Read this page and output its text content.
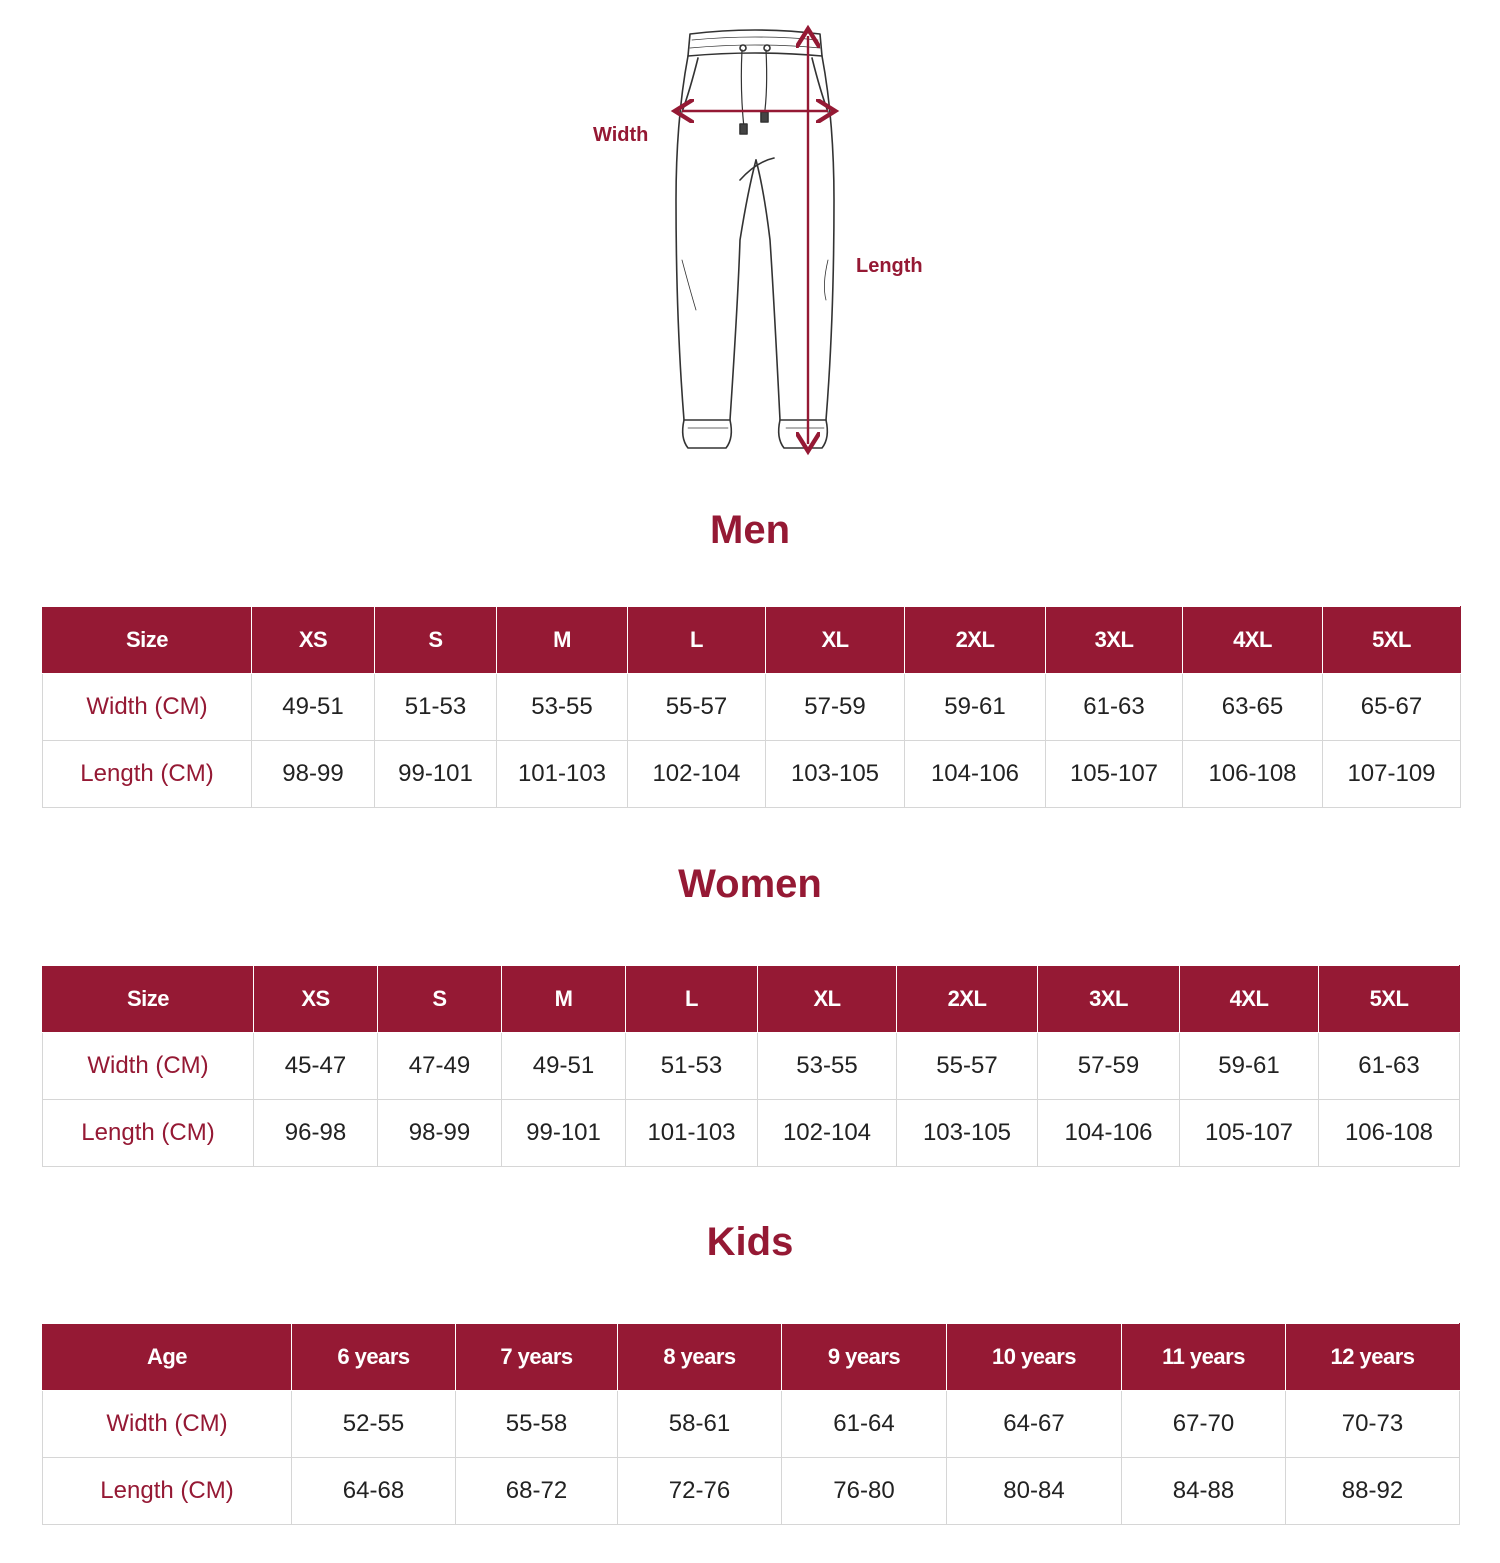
Width
Length
Men
Size	XS	S	M	L	XL	2XL	3XL	4XL	5XL
Width (CM)	49-51	51-53	53-55	55-57	57-59	59-61	61-63	63-65	65-67
Length (CM)	98-99	99-101	101-103	102-104	103-105	104-106	105-107	106-108	107-109
Women
Size	XS	S	M	L	XL	2XL	3XL	4XL	5XL
Width (CM)	45-47	47-49	49-51	51-53	53-55	55-57	57-59	59-61	61-63
Length (CM)	96-98	98-99	99-101	101-103	102-104	103-105	104-106	105-107	106-108
Kids
Age	6 years	7 years	8 years	9 years	10 years	11 years	12 years
Width (CM)	52-55	55-58	58-61	61-64	64-67	67-70	70-73
Length (CM)	64-68	68-72	72-76	76-80	80-84	84-88	88-92
